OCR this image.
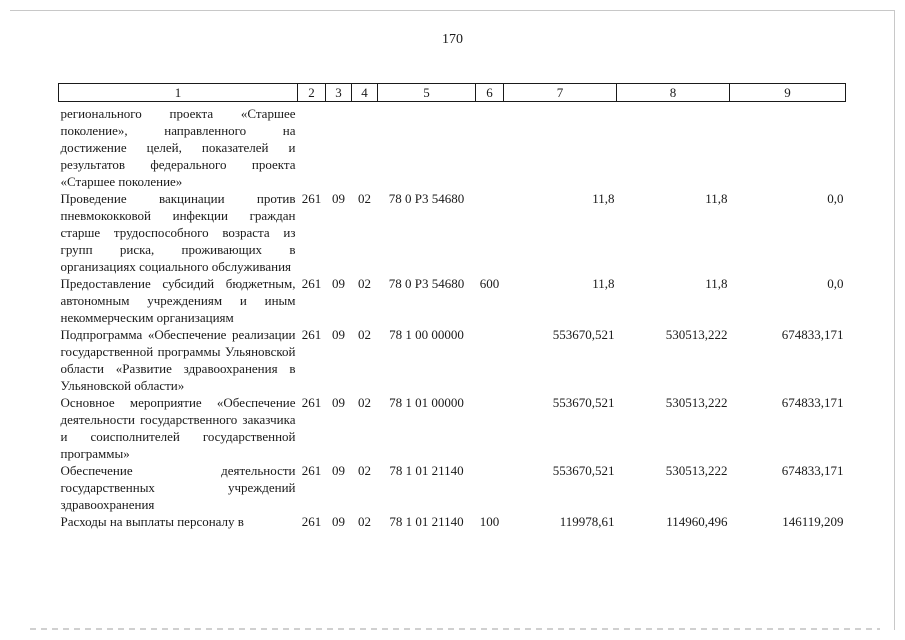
170
1	2	3	4	5	6	7	8	9
регионального проекта «Старшее поколение», направленного на достижение целей, показателей и результатов федерального проекта «Старшее поколение»								
Проведение вакцинации против пневмококковой инфекции граждан старше трудоспособного возраста из групп риска, проживающих в организациях социального обслуживания	261	09	02	78 0 P3 54680		11,8	11,8	0,0
Предоставление субсидий бюджетным, автономным учреждениям и иным некоммерческим организациям	261	09	02	78 0 P3 54680	600	11,8	11,8	0,0
Подпрограмма «Обеспечение реализации государственной программы Ульяновской области «Развитие здравоохранения в Ульяновской области»	261	09	02	78 1 00 00000		553670,521	530513,222	674833,171
Основное мероприятие «Обеспечение деятельности государственного заказчика и соисполнителей государственной программы»	261	09	02	78 1 01 00000		553670,521	530513,222	674833,171
Обеспечение деятельности государственных учреждений здравоохранения	261	09	02	78 1 01 21140		553670,521	530513,222	674833,171
Расходы на выплаты персоналу в	261	09	02	78 1 01 21140	100	119978,61	114960,496	146119,209
